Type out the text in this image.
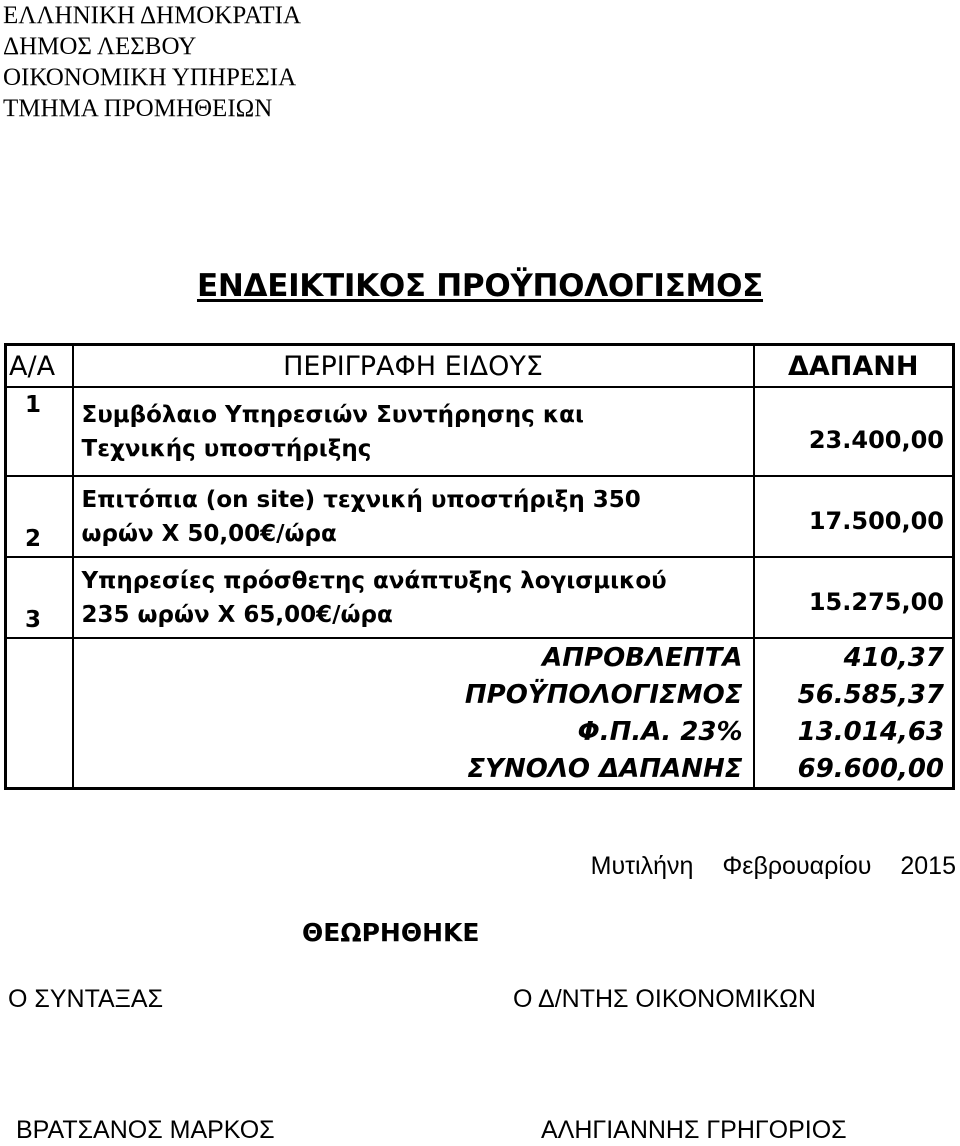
ΕΛΛΗΝΙΚΗ ΔΗΜΟΚΡΑΤΙΑ
ΔΗΜΟΣ ΛΕΣΒΟΥ
ΟΙΚΟΝΟΜΙΚΗ ΥΠΗΡΕΣΙΑ
ΤΜΗΜΑ ΠΡΟΜΗΘΕΙΩΝ
ΕΝΔΕΙΚΤΙΚΟΣ ΠΡΟΫΠΟΛΟΓΙΣΜΟΣ
Α/Α	ΠΕΡΙΓΡΑΦΗ ΕΙΔΟΥΣ	ΔΑΠΑΝΗ
1	Συμβόλαιο Υπηρεσιών Συντήρησης και
Τεχνικής υποστήριξης	23.400,00
2	Επιτόπια (on site) τεχνική υποστήριξη 350
ωρών Χ 50,00€/ώρα	17.500,00
3	Υπηρεσίες πρόσθετης ανάπτυξης λογισμικού
235 ωρών Χ 65,00€/ώρα	15.275,00
	ΑΠΡΟΒΛΕΠΤΑ	410,37
	ΠΡΟΫΠΟΛΟΓΙΣΜΟΣ	56.585,37
	Φ.Π.Α. 23%	13.014,63
	ΣΥΝΟΛΟ ΔΑΠΑΝΗΣ	69.600,00
Μυτιλήνη Φεβρουαρίου 2015
ΘΕΩΡΗΘΗΚΕ
Ο ΣΥΝΤΑΞΑΣ	Ο Δ/ΝΤΗΣ ΟΙΚΟΝΟΜΙΚΩΝ
ΒΡΑΤΣΑΝΟΣ ΜΑΡΚΟΣ	ΑΛΗΓΙΑΝΝΗΣ ΓΡΗΓΟΡΙΟΣ
